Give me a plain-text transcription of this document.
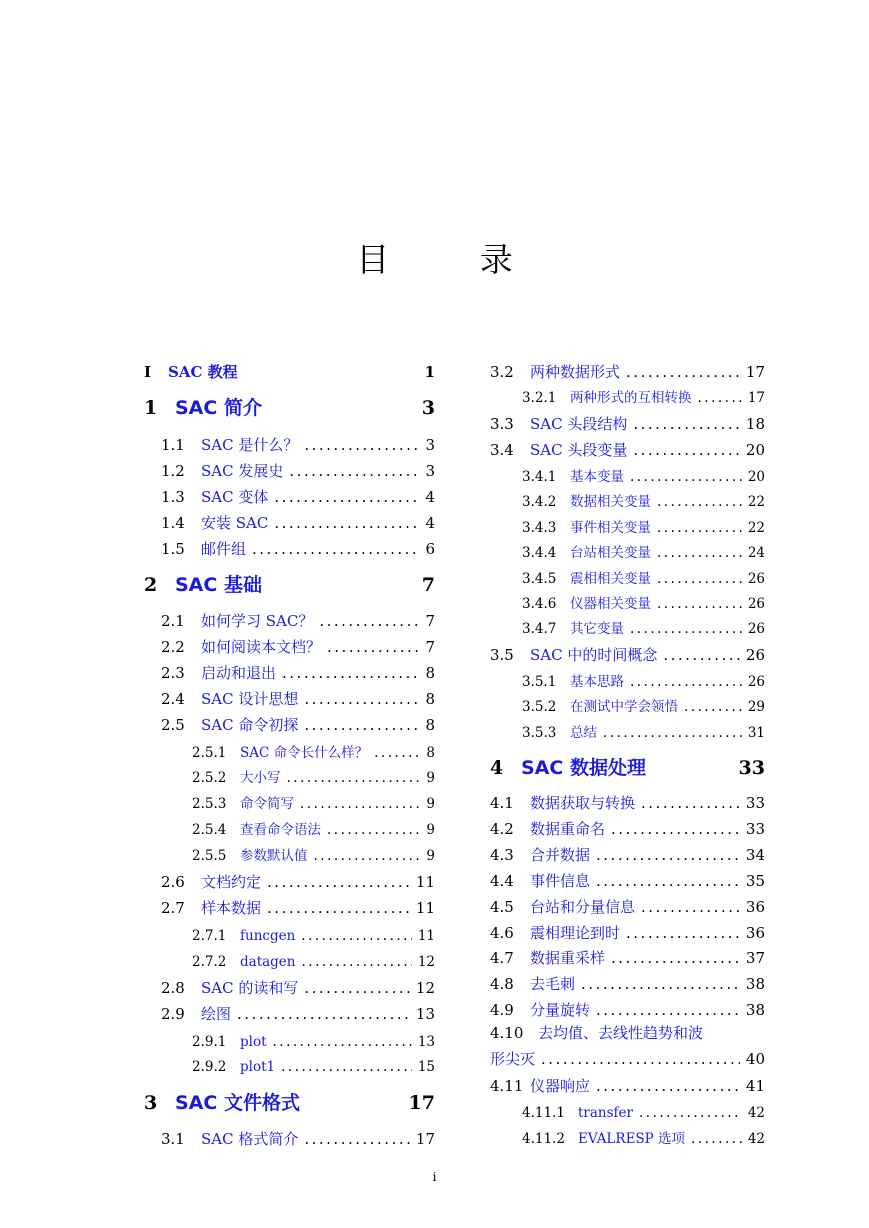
目 录
I	SAC 教程	1
1 SAC 简介	3
1.1	SAC 是什么？ .....	3
1.2	SAC 发展史 .....	3
1.3	SAC 变体 .....	4
1.4	安装 SAC .....	4
1.5	邮件组 .....	6
2 SAC 基础	7
2.1	如何学习 SAC？ .....	7
2.2	如何阅读本文档？ .....	7
2.3	启动和退出 .....	8
2.4	SAC 设计思想 .....	8
2.5	SAC 命令初探 .....	8
2.5.1	SAC 命令长什么样？ .....	8
2.5.2	大小写 .....	9
2.5.3	命令简写 .....	9
2.5.4	查看命令语法 .....	9
2.5.5	参数默认值 .....	9
2.6	文档约定 .....	11
2.7	样本数据 .....	11
2.7.1	funcgen .....	11
2.7.2	datagen .....	12
2.8	SAC 的读和写 .....	12
2.9	绘图 .....	13
2.9.1	plot .....	13
2.9.2	plot1 .....	15
3 SAC 文件格式	17
3.1	SAC 格式简介 .....	17
3.2	两种数据形式 .....	17
3.2.1	两种形式的互相转换 .....	17
3.3	SAC 头段结构 .....	18
3.4	SAC 头段变量 .....	20
3.4.1	基本变量 .....	20
3.4.2	数据相关变量 .....	22
3.4.3	事件相关变量 .....	22
3.4.4	台站相关变量 .....	24
3.4.5	震相相关变量 .....	26
3.4.6	仪器相关变量 .....	26
3.4.7	其它变量 .....	26
3.5	SAC 中的时间概念 .....	26
3.5.1	基本思路 .....	26
3.5.2	在测试中学会领悟 .....	29
3.5.3	总结 .....	31
4 SAC 数据处理	33
4.1	数据获取与转换 .....	33
4.2	数据重命名 .....	33
4.3	合并数据 .....	34
4.4	事件信息 .....	35
4.5	台站和分量信息 .....	36
4.6	震相理论到时 .....	36
4.7	数据重采样 .....	37
4.8	去毛刺 .....	38
4.9	分量旋转 .....	38
4.10 去均值、去线性趋势和波
形尖灭 .....	40
4.11 仪器响应 .....	41
4.11.1 transfer .....	42
4.11.2 EVALRESP 选项 .....	42
i
